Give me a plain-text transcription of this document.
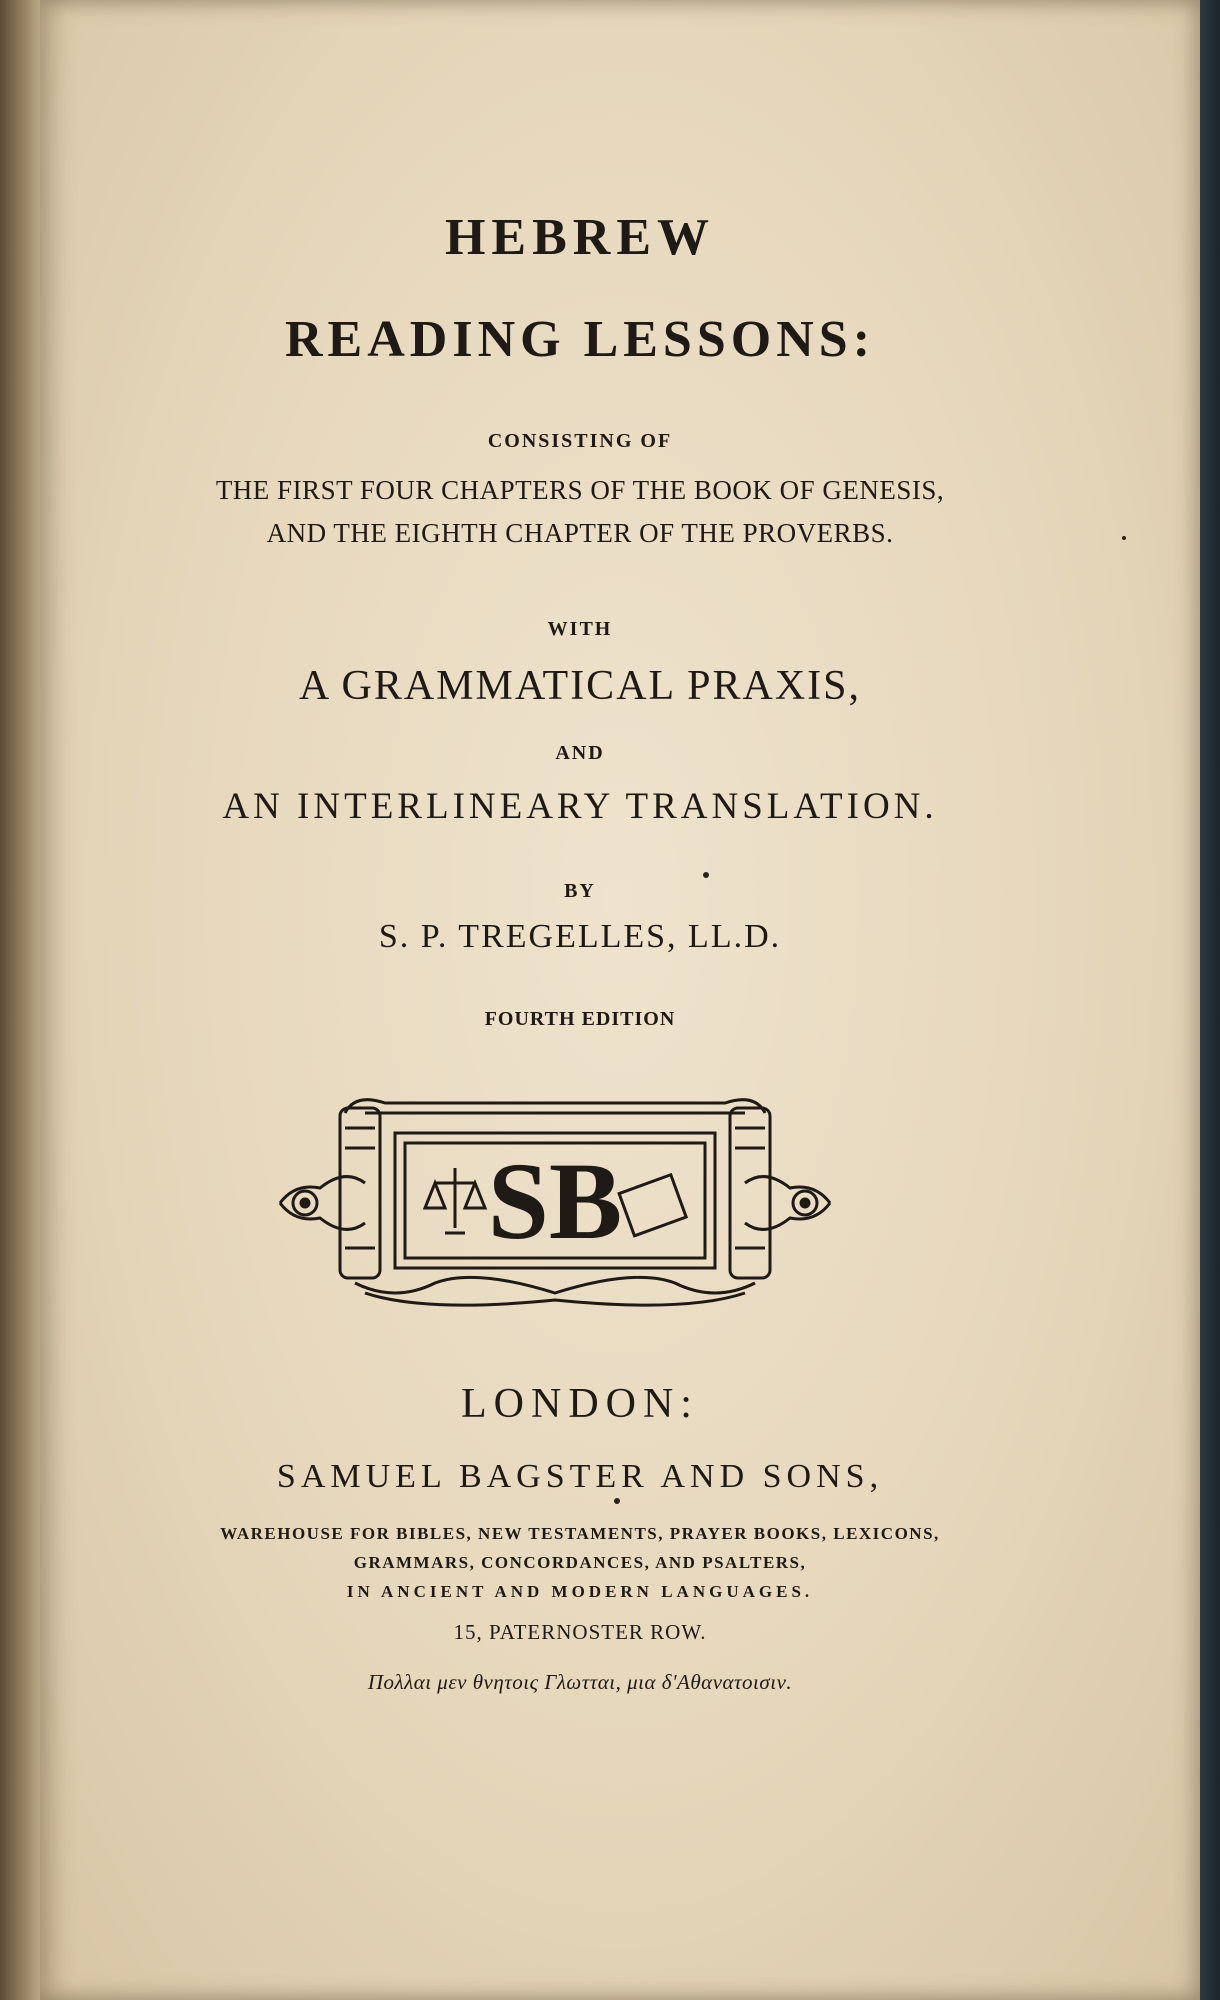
HEBREW
READING LESSONS:

CONSISTING OF

THE FIRST FOUR CHAPTERS OF THE BOOK OF GENESIS,

AND THE EIGHTH CHAPTER OF THE PROVERBS.

WITH

A GRAMMATICAL PRAXIS,

AND

AN INTERLINEARY TRANSLATION.

BY

S. P. TREGELLES, LL.D.

FOURTH EDITION

SB

LONDON:

SAMUEL BAGSTER AND SONS,

WAREHOUSE FOR BIBLES, NEW TESTAMENTS, PRAYER BOOKS, LEXICONS,

GRAMMARS, CONCORDANCES, AND PSALTERS,

IN ANCIENT AND MODERN LANGUAGES.

15, PATERNOSTER ROW.

Πολλαι μεν θνητοις Γλωτται, μια δ'Αθανατοισιν.
